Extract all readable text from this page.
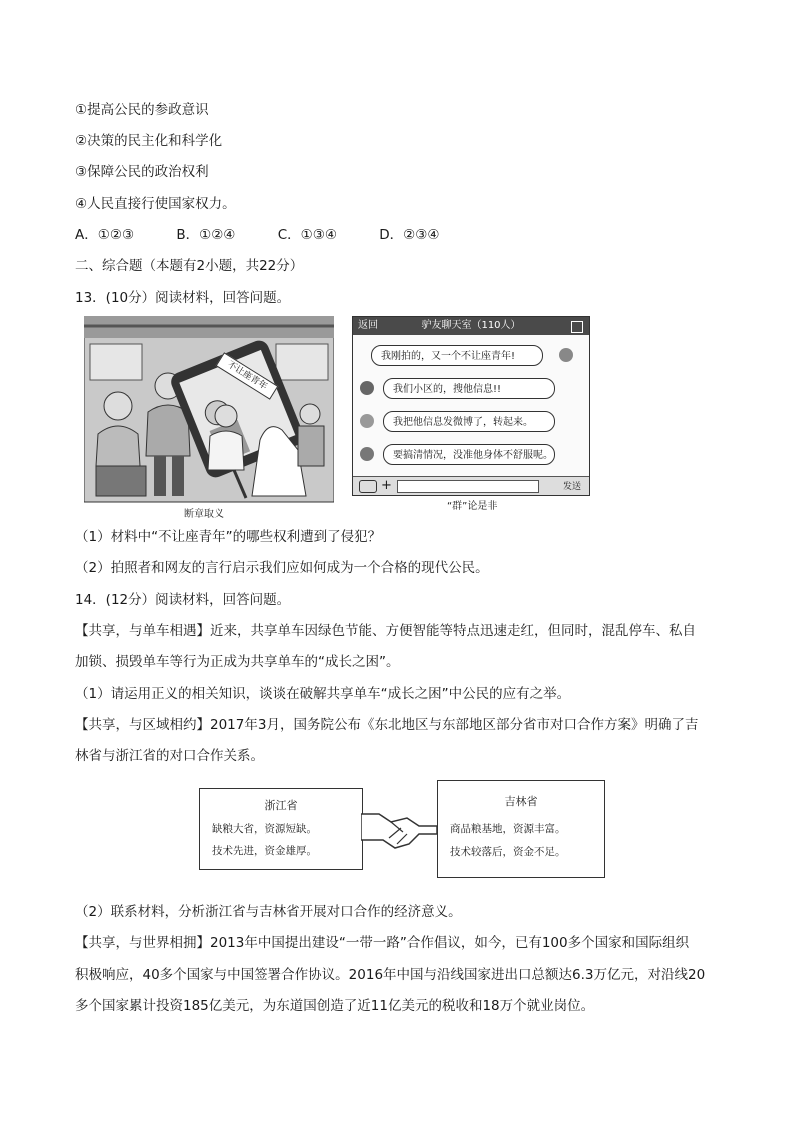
①提高公民的参政意识
②决策的民主化和科学化
③保障公民的政治权利
④人民直接行使国家权力。
A．①②③	B．①②④	C．①③④	D．②③④
二、综合题（本题有2小题，共22分）
13．(10分）阅读材料，回答问题。
不让座青年
断章取义
返回	驴友聊天室（110人）
我刚拍的，又一个不让座青年!
我们小区的，搜他信息!!
我把他信息发微博了，转起来。
要搞清情况，没准他身体不舒服呢。
+	发送
“群”论是非
（1）材料中“不让座青年”的哪些权利遭到了侵犯？
（2）拍照者和网友的言行启示我们应如何成为一个合格的现代公民。
14．(12分）阅读材料，回答问题。
【共享，与单车相遇】近来，共享单车因绿色节能、方便智能等特点迅速走红，但同时，混乱停车、私自
加锁、损毁单车等行为正成为共享单车的“成长之困”。
（1）请运用正义的相关知识，谈谈在破解共享单车“成长之困”中公民的应有之举。
【共享，与区域相约】2017年3月，国务院公布《东北地区与东部地区部分省市对口合作方案》明确了吉
林省与浙江省的对口合作关系。
浙江省
缺粮大省，资源短缺。
技术先进，资金雄厚。
吉林省
商品粮基地，资源丰富。
技术较落后，资金不足。
（2）联系材料，分析浙江省与吉林省开展对口合作的经济意义。
【共享，与世界相拥】2013年中国提出建设“一带一路”合作倡议，如今，已有100多个国家和国际组织
积极响应，40多个国家与中国签署合作协议。2016年中国与沿线国家进出口总额达6.3万亿元，对沿线20
多个国家累计投资185亿美元，为东道国创造了近11亿美元的税收和18万个就业岗位。
